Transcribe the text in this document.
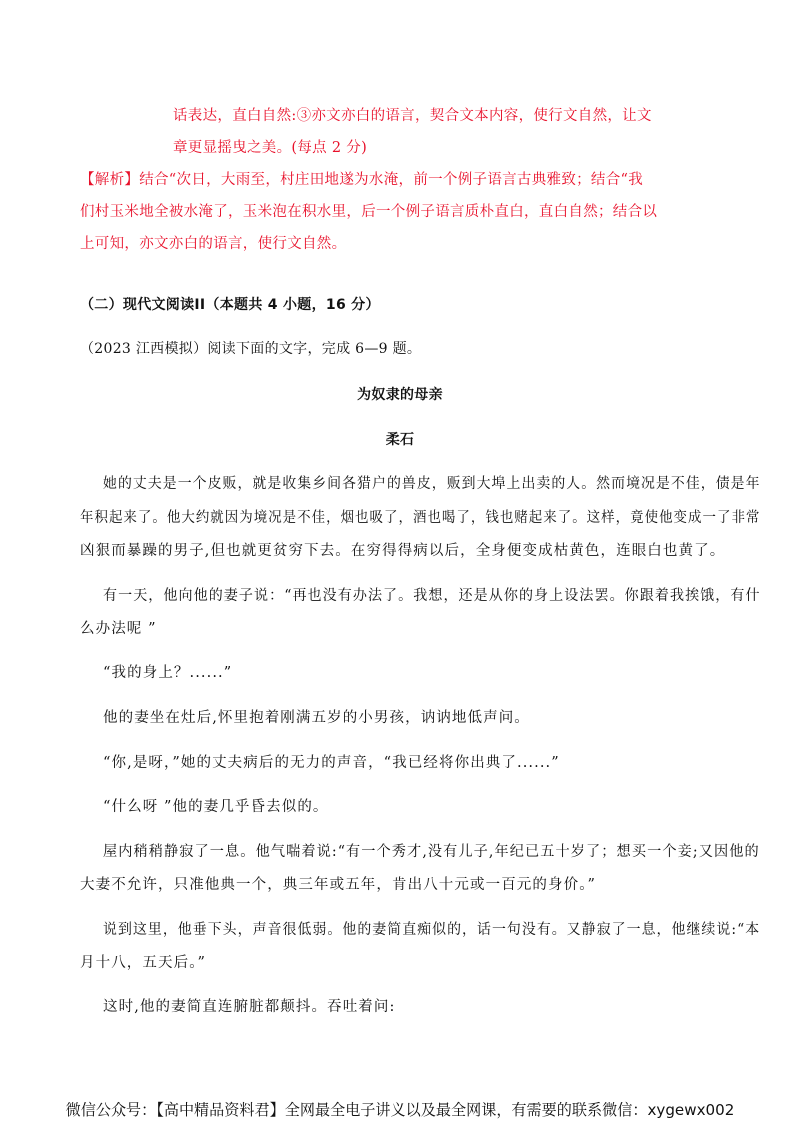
话表达，直白自然:③亦文亦白的语言，契合文本内容，使行文自然，让文
章更显摇曳之美。(每点 2 分)
【解析】结合“次日，大雨至，村庄田地遂为水淹，前一个例子语言古典雅致；结合“我
们村玉米地全被水淹了，玉米泡在积水里，后一个例子语言质朴直白，直白自然；结合以
上可知，亦文亦白的语言，使行文自然。
（二）现代文阅读II（本题共 4 小题，16 分）
（2023 江西模拟）阅读下面的文字，完成 6—9 题。
为奴隶的母亲
柔石
她的丈夫是一个皮贩，就是收集乡间各猎户的兽皮，贩到大埠上出卖的人。然而境况是不佳，债是年
年积起来了。他大约就因为境况是不佳，烟也吸了，酒也喝了，钱也赌起来了。这样，竟使他变成一了非常
凶狠而暴躁的男子,但也就更贫穷下去。在穷得得病以后，全身便变成枯黄色，连眼白也黄了。
有一天，他向他的妻子说：“再也没有办法了。我想，还是从你的身上设法罢。你跟着我挨饿，有什
么办法呢 ”
“我的身上？......”
他的妻坐在灶后,怀里抱着刚满五岁的小男孩，讷讷地低声问。
“你,是呀，”她的丈夫病后的无力的声音，“我已经将你出典了......”
“什么呀 ”他的妻几乎昏去似的。
屋内稍稍静寂了一息。他气喘着说:“有一个秀才,没有儿子,年纪已五十岁了；想买一个妾;又因他的
大妻不允许，只准他典一个，典三年或五年，肯出八十元或一百元的身价。”
说到这里，他垂下头，声音很低弱。他的妻简直痴似的，话一句没有。又静寂了一息，他继续说:“本
月十八，五天后。”
这时,他的妻简直连腑脏都颠抖。吞吐着问:
微信公众号：【高中精品资料君】全网最全电子讲义以及最全网课，有需要的联系微信：xygewx002
